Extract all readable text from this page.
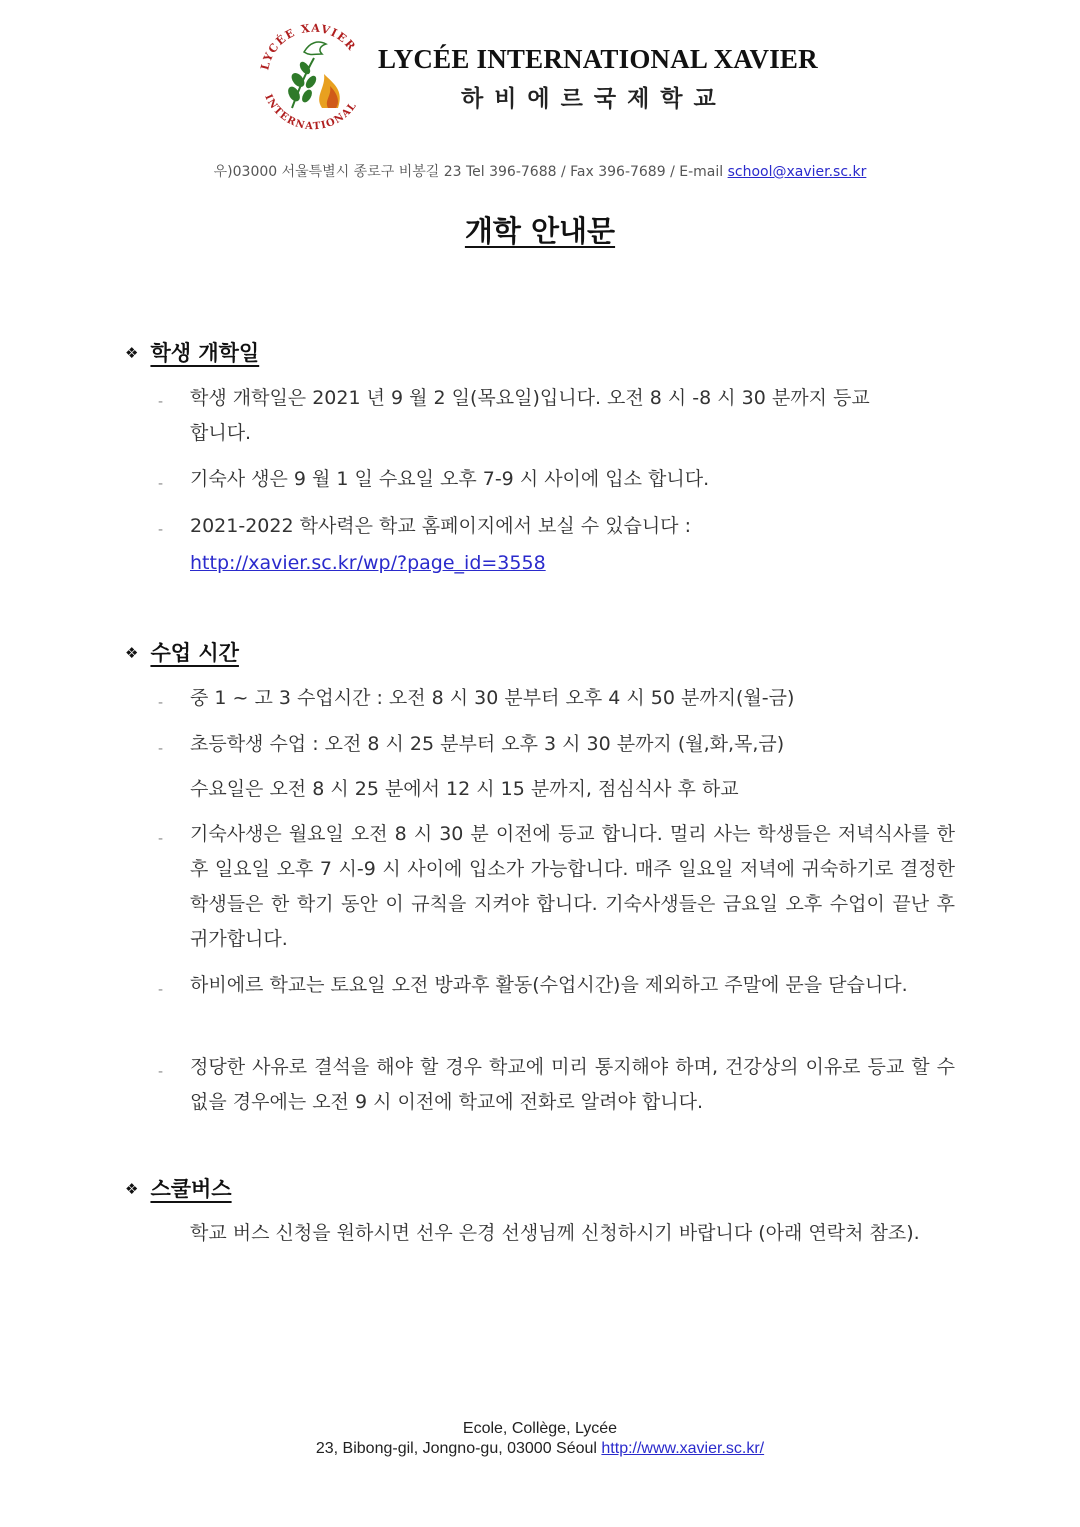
LYCÉE XAVIER
INTERNATIONAL
LYCÉE INTERNATIONAL XAVIER
하비에르국제학교
우)03000 서울특별시 종로구 비봉길 23 Tel 396-7688 / Fax 396-7689 / E-mail school@xavier.sc.kr
개학 안내문
❖ 학생 개학일
- 학생 개학일은 2021 년 9 월 2 일(목요일)입니다. 오전 8 시 -8 시 30 분까지 등교합니다.
- 기숙사 생은 9 월 1 일 수요일 오후 7-9 시 사이에 입소 합니다.
- 2021-2022 학사력은 학교 홈페이지에서 보실 수 있습니다 :
http://xavier.sc.kr/wp/?page_id=3558
❖ 수업 시간
- 중 1 ~ 고 3 수업시간 : 오전 8 시 30 분부터 오후 4 시 50 분까지(월-금)
- 초등학생 수업 : 오전 8 시 25 분부터 오후 3 시 30 분까지 (월,화,목,금)
수요일은 오전 8 시 25 분에서 12 시 15 분까지, 점심식사 후 하교
- 기숙사생은 월요일 오전 8 시 30 분 이전에 등교 합니다. 멀리 사는 학생들은 저녁식사를 한 후 일요일 오후 7 시-9 시 사이에 입소가 가능합니다. 매주 일요일 저녁에 귀숙하기로 결정한 학생들은 한 학기 동안 이 규칙을 지켜야 합니다. 기숙사생들은 금요일 오후 수업이 끝난 후 귀가합니다.
- 하비에르 학교는 토요일 오전 방과후 활동(수업시간)을 제외하고 주말에 문을 닫습니다.
- 정당한 사유로 결석을 해야 할 경우 학교에 미리 통지해야 하며, 건강상의 이유로 등교 할 수 없을 경우에는 오전 9 시 이전에 학교에 전화로 알려야 합니다.
❖ 스쿨버스
학교 버스 신청을 원하시면 선우 은경 선생님께 신청하시기 바랍니다 (아래 연락처 참조).
Ecole, Collège, Lycée
23, Bibong-gil, Jongno-gu, 03000 Séoul http://www.xavier.sc.kr/
